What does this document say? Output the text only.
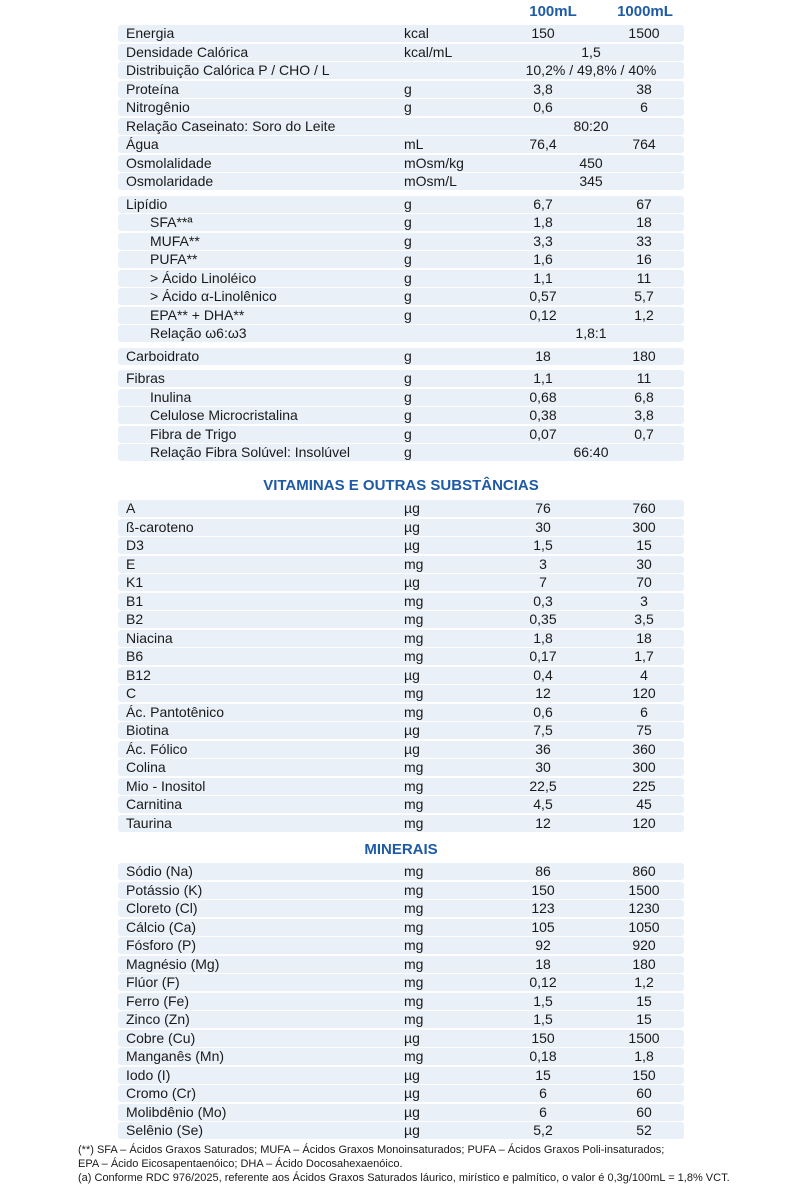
100mL	1000mL
Energia	kcal	150	1500
Densidade Calórica	kcal/mL	1,5
Distribuição Calórica P / CHO / L	10,2% / 49,8% / 40%
Proteína	g	3,8	38
Nitrogênio	g	0,6	6
Relação Caseinato: Soro do Leite	80:20
Água	mL	76,4	764
Osmolalidade	mOsm/kg	450
Osmolaridade	mOsm/L	345
Lipídio	g	6,7	67
SFA**ª	g	1,8	18
MUFA**	g	3,3	33
PUFA**	g	1,6	16
> Ácido Linoléico	g	1,1	11
> Ácido α-Linolênico	g	0,57	5,7
EPA** + DHA**	g	0,12	1,2
Relação ω6:ω3	1,8:1
Carboidrato	g	18	180
Fibras	g	1,1	11
Inulina	g	0,68	6,8
Celulose Microcristalina	g	0,38	3,8
Fibra de Trigo	g	0,07	0,7
Relação Fibra Solúvel: Insolúvel	g	66:40
VITAMINAS E OUTRAS SUBSTÂNCIAS
A	µg	76	760
ß-caroteno	µg	30	300
D3	µg	1,5	15
E	mg	3	30
K1	µg	7	70
B1	mg	0,3	3
B2	mg	0,35	3,5
Niacina	mg	1,8	18
B6	mg	0,17	1,7
B12	µg	0,4	4
C	mg	12	120
Ác. Pantotênico	mg	0,6	6
Biotina	µg	7,5	75
Ác. Fólico	µg	36	360
Colina	mg	30	300
Mio - Inositol	mg	22,5	225
Carnitina	mg	4,5	45
Taurina	mg	12	120
MINERAIS
Sódio (Na)	mg	86	860
Potássio (K)	mg	150	1500
Cloreto (Cl)	mg	123	1230
Cálcio (Ca)	mg	105	1050
Fósforo (P)	mg	92	920
Magnésio (Mg)	mg	18	180
Flúor (F)	mg	0,12	1,2
Ferro (Fe)	mg	1,5	15
Zinco (Zn)	mg	1,5	15
Cobre (Cu)	µg	150	1500
Manganês (Mn)	mg	0,18	1,8
Iodo (I)	µg	15	150
Cromo (Cr)	µg	6	60
Molibdênio (Mo)	µg	6	60
Selênio (Se)	µg	5,2	52
(**) SFA – Ácidos Graxos Saturados; MUFA – Ácidos Graxos Monoinsaturados; PUFA – Ácidos Graxos Poli-insaturados;
EPA – Ácido Eicosapentaenóico; DHA – Ácido Docosahexaenóico.
(a) Conforme RDC 976/2025, referente aos Ácidos Graxos Saturados láurico, mirístico e palmítico, o valor é 0,3g/100mL = 1,8% VCT.
